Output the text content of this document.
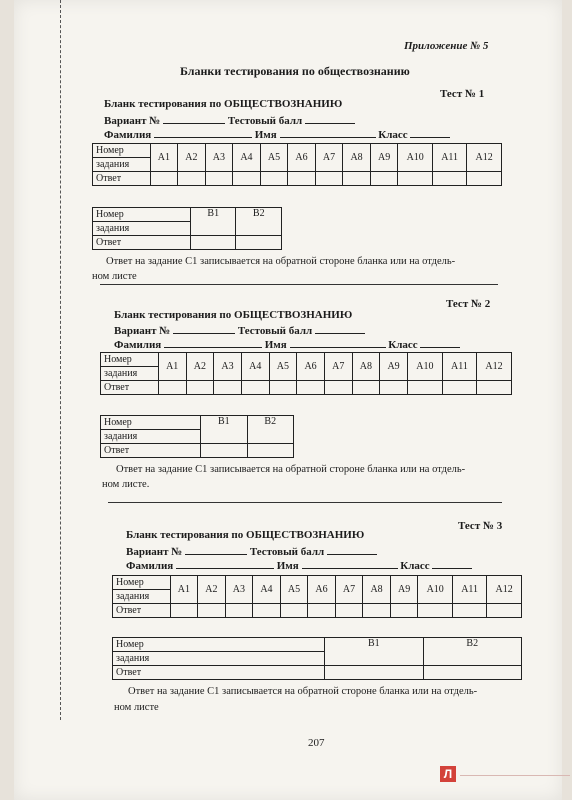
Приложение № 5
Бланки тестирования по обществознанию
Тест № 1
Бланк тестирования по ОБЩЕСТВОЗНАНИЮ
Вариант №	Тестовый балл
Фамилия	Имя	Класс
Номер	A1	A2	A3	A4	A5	A6	A7	A8	A9	A10	A11	A12
задания												
Ответ												
Номер	B1	B2
задания		
Ответ		
Ответ на задание С1 записывается на обратной стороне бланка или на отдель-
ном листе
Тест № 2
Бланк тестирования по ОБЩЕСТВОЗНАНИЮ
Вариант №	Тестовый балл
Фамилия	Имя	Класс
Номер	A1	A2	A3	A4	A5	A6	A7	A8	A9	A10	A11	A12
задания												
Ответ												
Номер	B1	B2
задания		
Ответ		
Ответ на задание С1 записывается на обратной стороне бланка или на отдель-
ном листе.
Тест № 3
Бланк тестирования по ОБЩЕСТВОЗНАНИЮ
Вариант №	Тестовый балл
Фамилия	Имя	Класс
Номер	A1	A2	A3	A4	A5	A6	A7	A8	A9	A10	A11	A12
задания												
Ответ												
Номер	B1	B2
задания		
Ответ		
Ответ на задание С1 записывается на обратной стороне бланка или на отдель-
ном листе
207
Л
